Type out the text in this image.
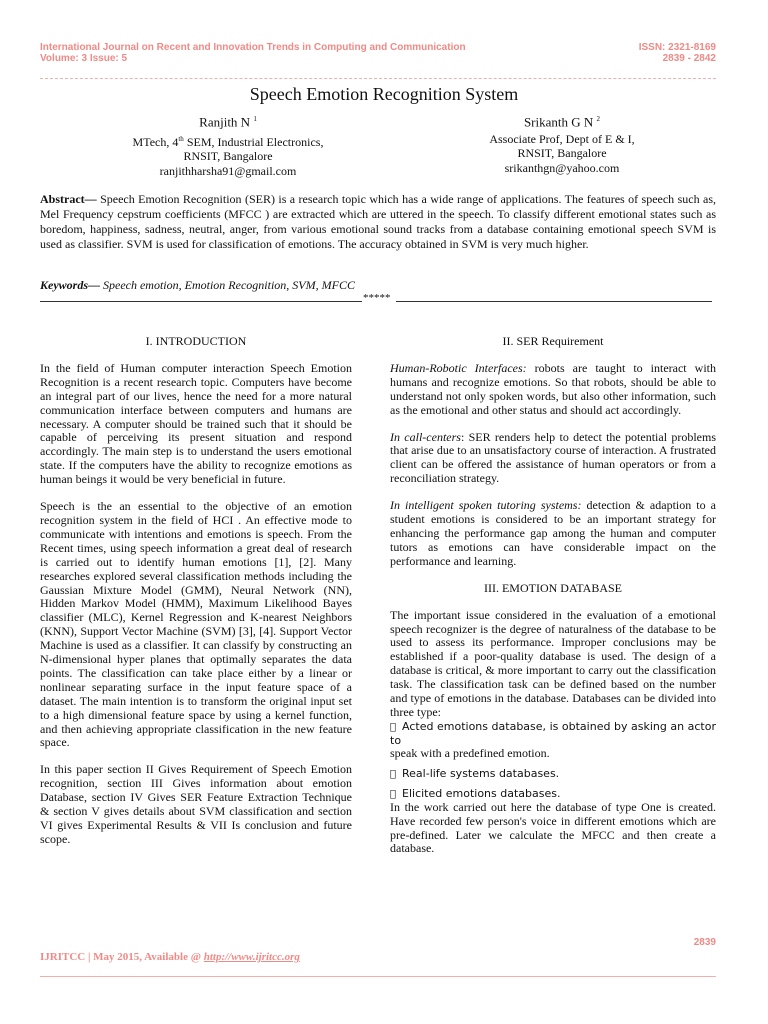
International Journal on Recent and Innovation Trends in Computing and Communication
Volume: 3 Issue: 5
ISSN: 2321-8169
2839 - 2842
Speech Emotion Recognition System
Ranjith N $^1$
MTech, 4th SEM, Industrial Electronics,
RNSIT, Bangalore
ranjithharsha91@gmail.com
Srikanth G N $^2$
Associate Prof, Dept of E & I,
RNSIT, Bangalore
srikanthgn@yahoo.com

Abstract— Speech Emotion Recognition (SER) is a research topic which has a wide range of applications. The features of speech such as, Mel Frequency cepstrum coefficients (MFCC ) are extracted which are uttered in the speech. To classify different emotional states such as boredom, happiness, sadness, neutral, anger, from various emotional sound tracks from a database containing emotional speech SVM is used as classifier. SVM is used for classification of emotions. The accuracy obtained in SVM is very much higher.

Keywords— Speech emotion, Emotion Recognition, SVM, MFCC

*****
I. INTRODUCTION

In the field of Human computer interaction Speech Emotion Recognition is a recent research topic. Computers have become an integral part of our lives, hence the need for a more natural communication interface between computers and humans are necessary. A computer should be trained such that it should be capable of perceiving its present situation and respond accordingly. The main step is to understand the users emotional state. If the computers have the ability to recognize emotions as human beings it would be very beneficial in future.

Speech is the an essential to the objective of an emotion recognition system in the field of HCI . An effective mode to communicate with intentions and emotions is speech. From the Recent times, using speech information a great deal of research is carried out to identify human emotions [1], [2]. Many researches explored several classification methods including the Gaussian Mixture Model (GMM), Neural Network (NN), Hidden Markov Model (HMM), Maximum Likelihood Bayes classifier (MLC), Kernel Regression and K-nearest Neighbors (KNN), Support Vector Machine (SVM) [3], [4]. Support Vector Machine is used as a classifier. It can classify by constructing an N-dimensional hyper planes that optimally separates the data points. The classification can take place either by a linear or nonlinear separating surface in the input feature space of a dataset. The main intention is to transform the original input set to a high dimensional feature space by using a kernel function, and then achieving appropriate classification in the new feature space.

In this paper section II Gives Requirement of Speech Emotion recognition, section III Gives information about emotion Database, section IV Gives SER Feature Extraction Technique & section V gives details about SVM classification and section VI gives Experimental Results & VII Is conclusion and future scope.

II. SER Requirement

Human-Robotic Interfaces: robots are taught to interact with humans and recognize emotions. So that robots, should be able to understand not only spoken words, but also other information, such as the emotional and other status and should act accordingly.

In call-centers: SER renders help to detect the potential problems that arise due to an unsatisfactory course of interaction. A frustrated client can be offered the assistance of human operators or from a reconciliation strategy.

In intelligent spoken tutoring systems: detection & adaption to a student emotions is considered to be an important strategy for enhancing the performance gap among the human and computer tutors as emotions can have considerable impact on the performance and learning.

III. EMOTION DATABASE

The important issue considered in the evaluation of a emotional speech recognizer is the degree of naturalness of the database to be used to assess its performance. Improper conclusions may be established if a poor-quality database is used. The design of a database is critical, & more important to carry out the classification task. The classification task can be defined based on the number and type of emotions in the database. Databases can be divided into three type:

Acted emotions database, is obtained by asking an actor to
speak with a predefined emotion.
Real-life systems databases.
Elicited emotions databases.

In the work carried out here the database of type One is created. Have recorded few person's voice in different emotions which are pre-defined. Later we calculate the MFCC and then create a database.

2839
IJRITCC | May 2015, Available @ http://www.ijritcc.org
